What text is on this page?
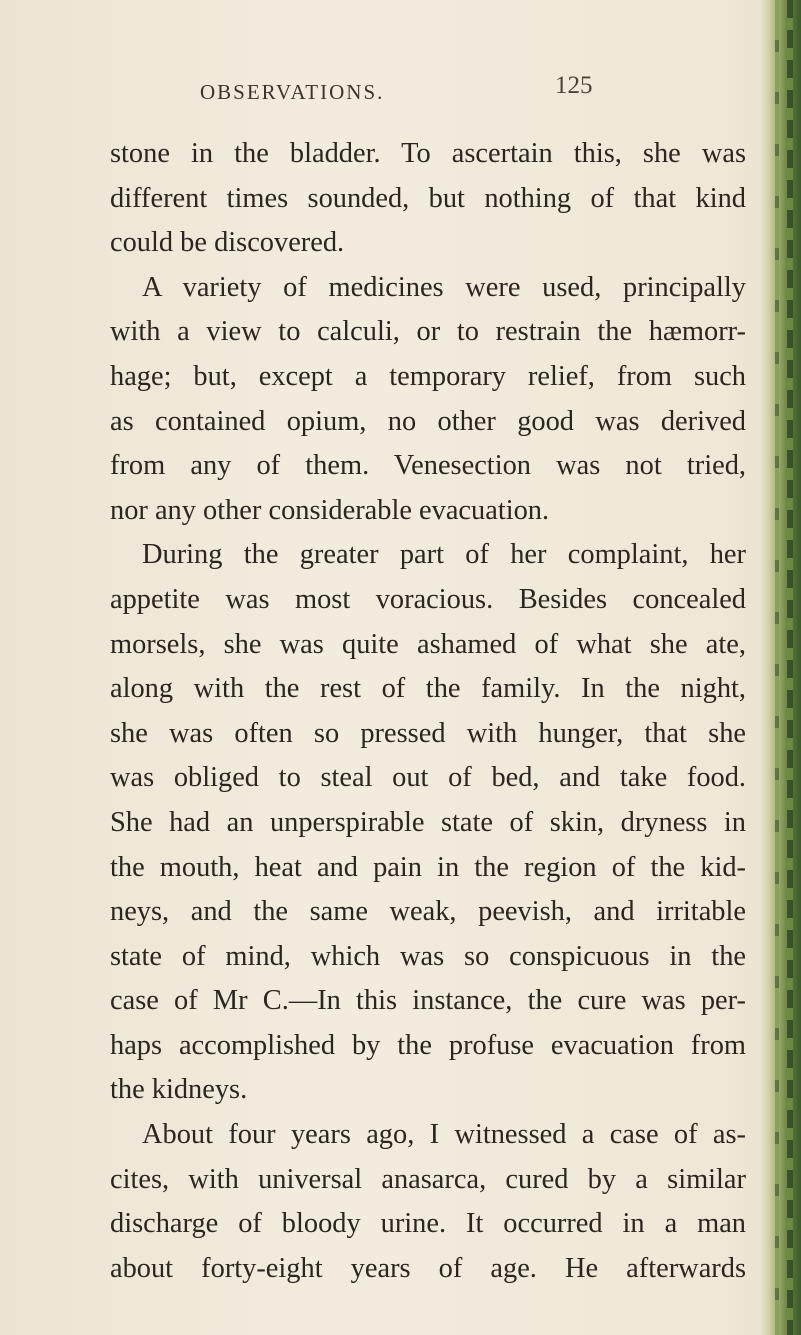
OBSERVATIONS.	125
stone in the bladder. To ascertain this, she was
different times sounded, but nothing of that kind
could be discovered.
A variety of medicines were used, principally
with a view to calculi, or to restrain the hæmorr-
hage; but, except a temporary relief, from such
as contained opium, no other good was derived
from any of them. Venesection was not tried,
nor any other considerable evacuation.
During the greater part of her complaint, her
appetite was most voracious. Besides concealed
morsels, she was quite ashamed of what she ate,
along with the rest of the family. In the night,
she was often so pressed with hunger, that she
was obliged to steal out of bed, and take food.
She had an unperspirable state of skin, dryness in
the mouth, heat and pain in the region of the kid-
neys, and the same weak, peevish, and irritable
state of mind, which was so conspicuous in the
case of Mr C.—In this instance, the cure was per-
haps accomplished by the profuse evacuation from
the kidneys.
About four years ago, I witnessed a case of as-
cites, with universal anasarca, cured by a similar
discharge of bloody urine. It occurred in a man
about forty-eight years of age. He afterwards
